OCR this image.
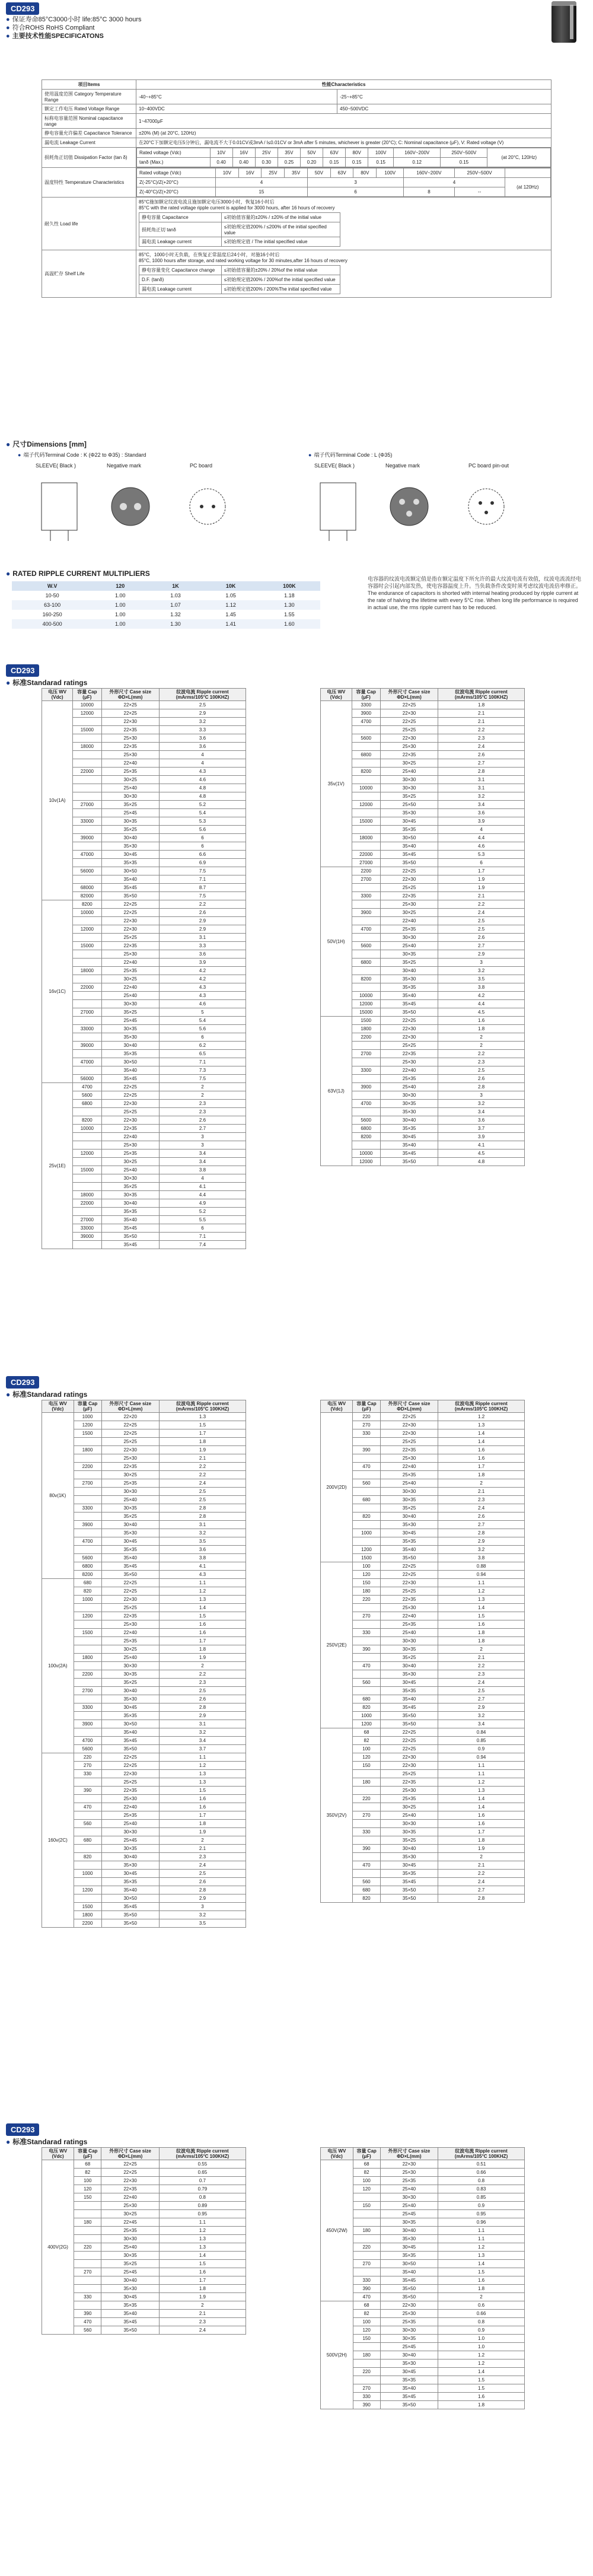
CD293
● 保证寿命85°C3000小时 life:85°C 3000 hours
● 符合ROHS RoHS Compliant
● 主要技术性能SPECIFICATONS
项目Items	性能Characteristics
使用温度范围 Category Temperature Range	-40~+85°C	-25~+85°C
额定工作电压 Rated Voltage Range	10~400VDC	450~500VDC
标称电容量范围 Nominal capacitance range	1~47000μF
静电容量允许偏差 Capacitance Tolerance	±20% (M) (at 20°C, 120Hz)
漏电流 Leakage Current	在20°C下加额定电压5分钟后，漏电流不大于0.01CV或3mA / I≤0.01CV or 3mA after 5 minutes, whichever is greater (20°C); C: Nominal capacitance (μF), V: Rated voltage (V)
损耗角正切值 Dissipation Factor (tan δ)	
Rated voltage (Vdc)	10V	16V	25V	35V	50V	63V	80V	100V	160V~200V	250V~500V	(at 20°C, 120Hz)
tanδ (Max.)	0.40	0.40	0.30	0.25	0.20	0.15	0.15	0.15	0.12	0.15

温度特性 Temperature Characteristics	
Rated voltage (Vdc)	10V	16V	25V	35V	50V	63V	80V	100V	160V~200V	250V~500V	
Z(-25°C)/Z(+20°C)	4	3	4	(at 120Hz)
Z(-40°C)/Z(+20°C)	15	6	8	--

耐久性 Load life	
85°C施加额定纹波电流且施加额定电压3000小时，恢复16小时后
85°C with the rated voltage ripple current is applied for 3000 hours, after 16 hours of recovery
静电容量 Capacitance	≤初始值容量的±20% / ±20% of the initial value
损耗角正切 tanδ	≤初始规定值200% / ≤200% of the initial specified value
漏电流 Leakage current	≤初始规定值 / The initial specified value

高温贮存 Shelf Life	
85°C，1000小时无负载，在恢复正常温度后24小时，对施16小时后
85°C, 1000 hours after storage, and rated working voltage for 30 minutes,after 16 hours of recovery
静电容量变化 Capacitance change	≤初始值容量的±20% / 20%of the initial value
D.F. (tanδ)	≤初始规定值200% / 200%of the initial specified value
漏电流 Leakage current	≤初始规定值200% / 200%The initial specified value
● 尺寸Dimensions [mm]
● 端子代码Terminal Code : K (Φ22 to Φ35) : Standard	● 端子代码Terminal Code : L (Φ35)
SLEEVE( Black )	Negative mark	PC board	SLEEVE( Black )	Negative mark	PC board pin-out
● RATED RIPPLE CURRENT MULTIPLIERS
W.V	120	1K	10K	100K
10-50	1.00	1.03	1.05	1.18
63-100	1.00	1.07	1.12	1.30
160-250	1.00	1.32	1.45	1.55
400-500	1.00	1.30	1.41	1.60
电容器的纹波电流额定值是指在额定温度下所允许的最大纹波电流有效值，纹波电流流经电容器时会引起内部发热，使电容器温度上升。当负载条件改变时须考虑纹波电流倍率修正。
The endurance of capacitors is shorted with internal heating produced by ripple current at the rate of halving the lifetime with every 5°C rise. When long life performance is required in actual use, the rms ripple current has to be reduced.
CD293
● 标准Standarad ratings
电压 WV (Vdc)	容量 Cap (μF)	外形尺寸 Case size ΦD×L(mm)	纹波电流 Ripple current (mArms/105°C 100KHZ)
10v(1A)	10000	22×25	2.5
	12000	22×25	2.9
		22×30	3.2
	15000	22×35	3.3
		25×30	3.6
	18000	22×35	3.6
		25×30	4
		22×40	4
	22000	25×35	4.3
		30×25	4.6
		25×40	4.8
		30×30	4.8
	27000	35×25	5.2
		25×45	5.4
	33000	30×35	5.3
		35×25	5.6
	39000	30×40	6
		35×30	6
	47000	30×45	6.6
		35×35	6.9
	56000	30×50	7.5
		35×40	7.1
	68000	35×45	8.7
	82000	35×50	7.5
16v(1C)	8200	22×25	2.2
	10000	22×25	2.6
		22×30	2.9
	12000	22×30	2.9
		25×25	3.1
	15000	22×35	3.3
		25×30	3.6
		22×40	3.9
	18000	25×35	4.2
		30×25	4.2
	22000	22×40	4.3
		25×40	4.3
		30×30	4.6
	27000	35×25	5
		25×45	5.4
	33000	30×35	5.6
		35×30	6
	39000	30×40	6.2
		35×35	6.5
	47000	30×50	7.1
		35×40	7.3
	56000	35×45	7.5
25v(1E)	4700	22×25	2
	5600	22×25	2
	6800	22×30	2.3
		25×25	2.3
	8200	22×30	2.6
	10000	22×35	2.7
		22×40	3
		25×30	3
	12000	25×35	3.4
		30×25	3.4
	15000	25×40	3.8
		30×30	4
		35×25	4.1
	18000	30×35	4.4
	22000	30×40	4.9
		35×35	5.2
	27000	35×40	5.5
	33000	35×45	6
	39000	35×50	7.1
		35×45	7.4
电压 WV (Vdc)	容量 Cap (μF)	外形尺寸 Case size ΦD×L(mm)	纹波电流 Ripple current (mArms/105°C 100KHZ)
35v(1V)	3300	22×25	1.8
	3900	22×30	2.1
	4700	22×25	2.1
		25×25	2.2
	5600	22×30	2.3
		25×30	2.4
	6800	22×35	2.6
		30×25	2.7
	8200	25×40	2.8
		30×30	3.1
	10000	30×30	3.1
		35×25	3.2
	12000	25×50	3.4
		35×30	3.6
	15000	30×45	3.9
		35×35	4
	18000	30×50	4.4
		35×40	4.6
	22000	35×45	5.3
	27000	35×50	6
50V(1H)	2200	22×25	1.7
	2700	22×30	1.9
		25×25	1.9
	3300	22×35	2.1
		25×30	2.2
	3900	30×25	2.4
		22×40	2.5
	4700	25×35	2.5
		30×30	2.6
	5600	25×40	2.7
		30×35	2.9
	6800	35×25	3
		30×40	3.2
	8200	35×30	3.5
		35×35	3.8
	10000	35×40	4.2
	12000	35×45	4.4
	15000	35×50	4.5
63V(1J)	1500	22×25	1.6
	1800	22×30	1.8
	2200	22×30	2
		25×25	2
	2700	22×35	2.2
		25×30	2.3
	3300	22×40	2.5
		25×35	2.6
	3900	25×40	2.8
		30×30	3
	4700	30×35	3.2
		35×30	3.4
	5600	30×40	3.6
	6800	35×35	3.7
	8200	30×45	3.9
		35×40	4.1
	10000	35×45	4.5
	12000	35×50	4.8
CD293
● 标准Standarad ratings
电压 WV (Vdc)	容量 Cap (μF)	外形尺寸 Case size ΦD×L(mm)	纹波电流 Ripple current (mArms/105°C 100KHZ)
80v(1K)	1000	22×20	1.3
	1200	22×25	1.5
	1500	22×25	1.7
		25×25	1.8
	1800	22×30	1.9
		25×30	2.1
	2200	22×35	2.2
		30×25	2.2
	2700	25×35	2.4
		30×30	2.5
		25×40	2.5
	3300	30×35	2.8
		35×25	2.8
	3900	30×40	3.1
		35×30	3.2
	4700	30×45	3.5
		35×35	3.6
	5600	35×40	3.8
	6800	35×45	4.1
	8200	35×50	4.3
100v(2A)	680	22×25	1.1
	820	22×25	1.2
	1000	22×30	1.3
		25×25	1.4
	1200	22×35	1.5
		25×30	1.6
	1500	22×40	1.6
		25×35	1.7
		30×25	1.8
	1800	25×40	1.9
		30×30	2
	2200	30×35	2.2
		35×25	2.3
	2700	30×40	2.5
		35×30	2.6
	3300	30×45	2.8
		35×35	2.9
	3900	30×50	3.1
		35×40	3.2
	4700	35×45	3.4
	5600	35×50	3.7
160v(2C)	220	22×25	1.1
	270	22×25	1.2
	330	22×30	1.3
		25×25	1.3
	390	22×35	1.5
		25×30	1.6
	470	22×40	1.6
		25×35	1.7
	560	25×40	1.8
		30×30	1.9
	680	25×45	2
		30×35	2.1
	820	30×40	2.3
		35×30	2.4
	1000	30×45	2.5
		35×35	2.6
	1200	35×40	2.8
		30×50	2.9
	1500	35×45	3
	1800	35×50	3.2
	2200	35×50	3.5
电压 WV (Vdc)	容量 Cap (μF)	外形尺寸 Case size ΦD×L(mm)	纹波电流 Ripple current (mArms/105°C 100KHZ)
200V(2D)	220	22×25	1.2
	270	22×30	1.3
	330	22×30	1.4
		25×25	1.4
	390	22×35	1.6
		25×30	1.6
	470	22×40	1.7
		25×35	1.8
	560	25×40	2
		30×30	2.1
	680	30×35	2.3
		35×25	2.4
	820	30×40	2.6
		35×30	2.7
	1000	30×45	2.8
		35×35	2.9
	1200	35×40	3.2
	1500	35×50	3.8
250V(2E)	100	22×25	0.88
	120	22×25	0.94
	150	22×30	1.1
	180	25×25	1.2
	220	22×35	1.3
		25×30	1.4
	270	22×40	1.5
		25×35	1.6
	330	25×40	1.8
		30×30	1.8
	390	30×35	2
		35×25	2.1
	470	30×40	2.2
		35×30	2.3
	560	30×45	2.4
		35×35	2.5
	680	35×40	2.7
	820	35×45	2.9
	1000	35×50	3.2
	1200	35×50	3.4
350V(2V)	68	22×25	0.84
	82	22×25	0.85
	100	22×25	0.9
	120	22×30	0.94
	150	22×30	1.1
		25×25	1.1
	180	22×35	1.2
		25×30	1.3
	220	25×35	1.4
		30×25	1.4
	270	25×40	1.6
		30×30	1.6
	330	30×35	1.7
		35×25	1.8
	390	30×40	1.9
		35×30	2
	470	30×45	2.1
		35×35	2.2
	560	35×45	2.4
	680	35×50	2.7
	820	35×50	2.8
CD293
● 标准Standarad ratings
电压 WV (Vdc)	容量 Cap (μF)	外形尺寸 Case size ΦD×L(mm)	纹波电流 Ripple current (mArms/105°C 100KHZ)
400V(2G)	68	22×25	0.55
	82	22×25	0.65
	100	22×30	0.7
	120	22×35	0.79
	150	22×40	0.8
		25×30	0.89
		30×25	0.95
	180	22×45	1.1
		25×35	1.2
		30×30	1.3
	220	25×40	1.3
		30×35	1.4
		35×25	1.5
	270	25×45	1.6
		30×40	1.7
		35×30	1.8
	330	30×45	1.9
		35×35	2
	390	35×40	2.1
	470	35×45	2.3
	560	35×50	2.4
电压 WV (Vdc)	容量 Cap (μF)	外形尺寸 Case size ΦD×L(mm)	纹波电流 Ripple current (mArms/105°C 100KHZ)
450V(2W)	68	22×30	0.51
	82	25×30	0.66
	100	25×35	0.8
	120	25×40	0.83
		30×30	0.85
	150	25×40	0.9
		25×45	0.95
		30×35	0.96
	180	30×40	1.1
		35×30	1.1
	220	30×45	1.2
		35×35	1.3
	270	30×50	1.4
		35×40	1.5
	330	35×45	1.6
	390	35×50	1.8
	470	35×50	2
500V(2H)	68	22×30	0.6
	82	25×30	0.66
	100	25×35	0.8
	120	30×30	0.9
	150	30×35	1.0
		25×45	1.0
	180	30×40	1.2
		35×30	1.2
	220	30×45	1.4
		35×35	1.5
	270	35×40	1.5
	330	35×45	1.6
	390	35×50	1.8
